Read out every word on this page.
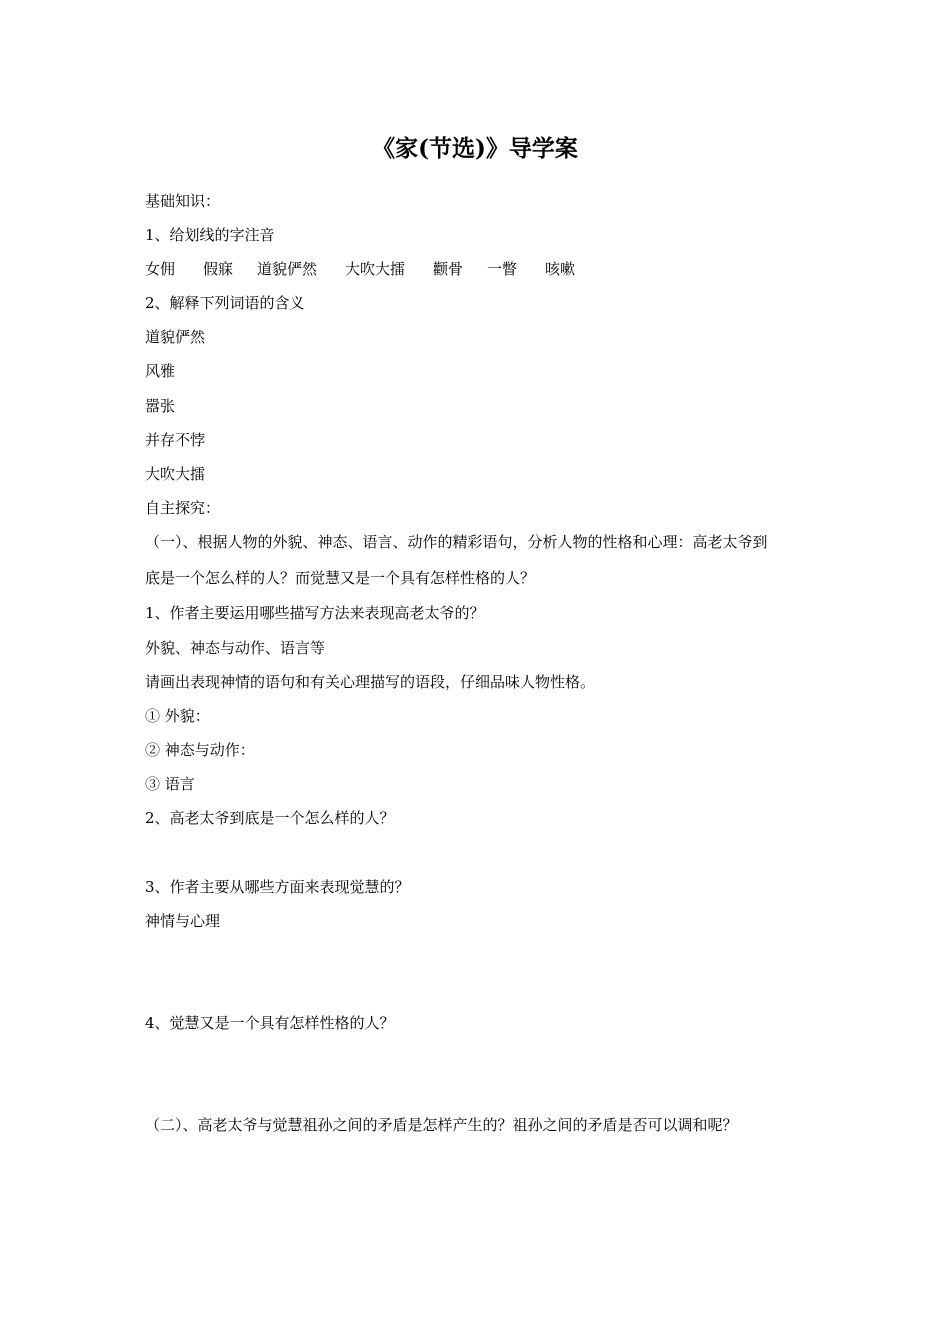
《家(节选)》导学案
基础知识：
1、给划线的字注音
女佣 假寐 道貌俨然 大吹大擂 颧骨 一瞥 咳嗽
2、解释下列词语的含义
道貌俨然
风雅
嚣张
并存不悖
大吹大擂
自主探究：
（一）、根据人物的外貌、神态、语言、动作的精彩语句，分析人物的性格和心理：高老太爷到
底是一个怎么样的人？而觉慧又是一个具有怎样性格的人？
1、作者主要运用哪些描写方法来表现高老太爷的？
外貌、神态与动作、语言等
请画出表现神情的语句和有关心理描写的语段，仔细品味人物性格。
① 外貌：
② 神态与动作：
③ 语言
2、高老太爷到底是一个怎么样的人？
3、作者主要从哪些方面来表现觉慧的？
神情与心理
4、觉慧又是一个具有怎样性格的人？
（二）、高老太爷与觉慧祖孙之间的矛盾是怎样产生的？祖孙之间的矛盾是否可以调和呢？
